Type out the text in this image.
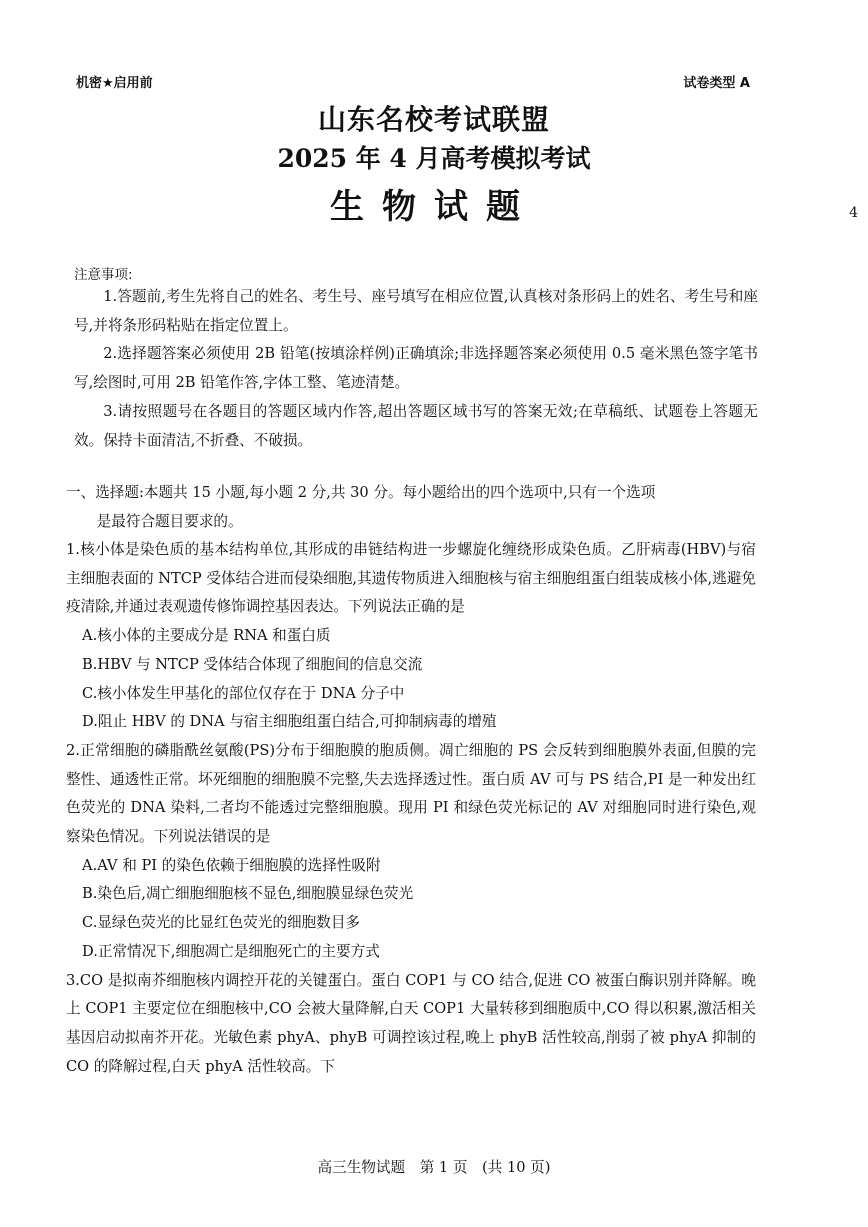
机密★启用前	试卷类型 A
山东名校考试联盟
2025 年 4 月高考模拟考试
生物试题	4
注意事项:

1.答题前,考生先将自己的姓名、考生号、座号填写在相应位置,认真核对条形码上的姓名、考生号和座号,并将条形码粘贴在指定位置上。

2.选择题答案必须使用 2B 铅笔(按填涂样例)正确填涂;非选择题答案必须使用 0.5 毫米黑色签字笔书写,绘图时,可用 2B 铅笔作答,字体工整、笔迹清楚。

3.请按照题号在各题目的答题区域内作答,超出答题区域书写的答案无效;在草稿纸、试题卷上答题无效。保持卡面清洁,不折叠、不破损。

一、选择题:本题共 15 小题,每小题 2 分,共 30 分。每小题给出的四个选项中,只有一个选项

是最符合题目要求的。

1.核小体是染色质的基本结构单位,其形成的串链结构进一步螺旋化缠绕形成染色质。乙肝病毒(HBV)与宿主细胞表面的 NTCP 受体结合进而侵染细胞,其遗传物质进入细胞核与宿主细胞组蛋白组装成核小体,逃避免疫清除,并通过表观遗传修饰调控基因表达。下列说法正确的是

A.核小体的主要成分是 RNA 和蛋白质

B.HBV 与 NTCP 受体结合体现了细胞间的信息交流

C.核小体发生甲基化的部位仅存在于 DNA 分子中

D.阻止 HBV 的 DNA 与宿主细胞组蛋白结合,可抑制病毒的增殖

2.正常细胞的磷脂酰丝氨酸(PS)分布于细胞膜的胞质侧。凋亡细胞的 PS 会反转到细胞膜外表面,但膜的完整性、通透性正常。坏死细胞的细胞膜不完整,失去选择透过性。蛋白质 AV 可与 PS 结合,PI 是一种发出红色荧光的 DNA 染料,二者均不能透过完整细胞膜。现用 PI 和绿色荧光标记的 AV 对细胞同时进行染色,观察染色情况。下列说法错误的是

A.AV 和 PI 的染色依赖于细胞膜的选择性吸附

B.染色后,凋亡细胞细胞核不显色,细胞膜显绿色荧光

C.显绿色荧光的比显红色荧光的细胞数目多

D.正常情况下,细胞凋亡是细胞死亡的主要方式

3.CO 是拟南芥细胞核内调控开花的关键蛋白。蛋白 COP1 与 CO 结合,促进 CO 被蛋白酶识别并降解。晚上 COP1 主要定位在细胞核中,CO 会被大量降解,白天 COP1 大量转移到细胞质中,CO 得以积累,激活相关基因启动拟南芥开花。光敏色素 phyA、phyB 可调控该过程,晚上 phyB 活性较高,削弱了被 phyA 抑制的 CO 的降解过程,白天 phyA 活性较高。下

高三生物试题　第 1 页　(共 10 页)
